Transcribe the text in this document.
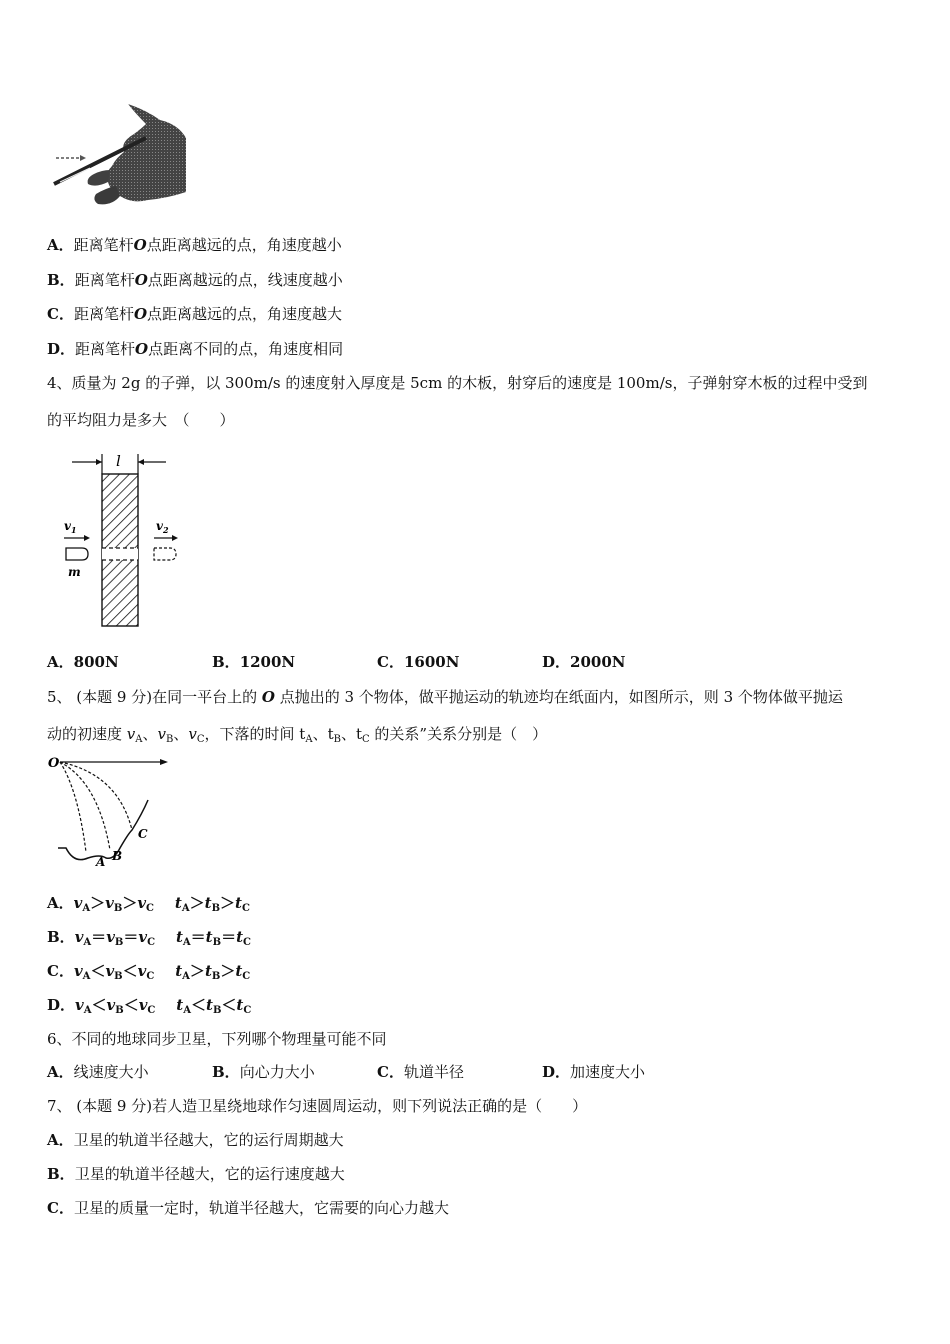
A．距离笔杆O点距离越远的点，角速度越小
B．距离笔杆O点距离越远的点，线速度越小
C．距离笔杆O点距离越远的点，角速度越大
D．距离笔杆O点距离不同的点，角速度相同
4、质量为 2g 的子弹，以 300m/s 的速度射入厚度是 5cm 的木板，射穿后的速度是 100m/s，子弹射穿木板的过程中受到
的平均阻力是多大　（　　）
l
$v_1$
m
$v_2$
A．800N	B．1200N	C．1600N	D．2000N
5、 (本题 9 分)在同一平台上的 O 点抛出的 3 个物体，做平抛运动的轨迹均在纸面内，如图所示，则 3 个物体做平抛运
动的初速度 $v_A$、$v_B$、$v_C$，下落的时间 $t_A$、$t_B$、$t_C$ 的关系”关系分别是（　）
O
A B
C
A．$v_A>v_B>v_C$ $t_A>t_B>t_C$
B．$v_A=v_B=v_C$ $t_A=t_B=t_C$
C．$v_A<v_B<v_C$ $t_A>t_B>t_C$
D．$v_A<v_B<v_C$ $t_A<t_B<t_C$
6、不同的地球同步卫星，下列哪个物理量可能不同
A．线速度大小	B．向心力大小	C．轨道半径	D．加速度大小
7、 (本题 9 分)若人造卫星绕地球作匀速圆周运动，则下列说法正确的是（　　）
A．卫星的轨道半径越大，它的运行周期越大
B．卫星的轨道半径越大，它的运行速度越大
C．卫星的质量一定时，轨道半径越大，它需要的向心力越大
